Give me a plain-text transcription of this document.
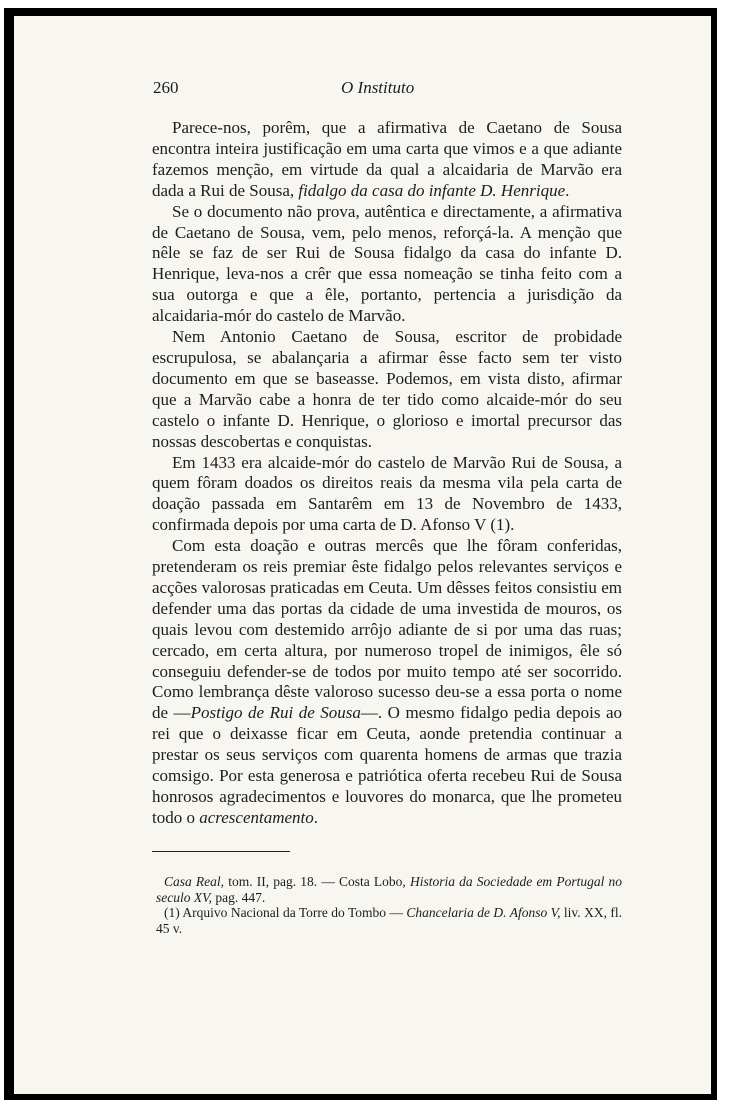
260	O Instituto

Parece-nos, porêm, que a afirmativa de Caetano de Sousa encontra inteira justificação em uma carta que vimos e a que adiante fazemos menção, em virtude da qual a alcaidaria de Marvão era dada a Rui de Sousa, fidalgo da casa do infante D. Henrique.

Se o documento não prova, autêntica e directamente, a afirmativa de Caetano de Sousa, vem, pelo menos, reforçá-la. A menção que nêle se faz de ser Rui de Sousa fidalgo da casa do infante D. Henrique, leva-nos a crêr que essa nomeação se tinha feito com a sua outorga e que a êle, portanto, pertencia a jurisdição da alcaidaria-mór do castelo de Marvão.

Nem Antonio Caetano de Sousa, escritor de probidade escrupulosa, se abalançaria a afirmar êsse facto sem ter visto documento em que se baseasse. Podemos, em vista disto, afirmar que a Marvão cabe a honra de ter tido como alcaide-mór do seu castelo o infante D. Henrique, o glorioso e imortal precursor das nossas descobertas e conquistas.

Em 1433 era alcaide-mór do castelo de Marvão Rui de Sousa, a quem fôram doados os direitos reais da mesma vila pela carta de doação passada em Santarêm em 13 de Novembro de 1433, confirmada depois por uma carta de D. Afonso V (1).

Com esta doação e outras mercês que lhe fôram conferidas, pretenderam os reis premiar êste fidalgo pelos relevantes serviços e acções valorosas praticadas em Ceuta. Um dêsses feitos consistiu em defender uma das portas da cidade de uma investida de mouros, os quais levou com destemido arrôjo adiante de si por uma das ruas; cercado, em certa altura, por numeroso tropel de inimigos, êle só conseguiu defender-se de todos por muito tempo até ser socorrido. Como lembrança dêste valoroso sucesso deu-se a essa porta o nome de —Postigo de Rui de Sousa—. O mesmo fidalgo pedia depois ao rei que o deixasse ficar em Ceuta, aonde pretendia continuar a prestar os seus serviços com quarenta homens de armas que trazia comsigo. Por esta generosa e patriótica oferta recebeu Rui de Sousa honrosos agradecimentos e louvores do monarca, que lhe prometeu todo o acrescentamento.

Casa Real, tom. II, pag. 18. — Costa Lobo, Historia da Sociedade em Portugal no seculo XV, pag. 447.

(1) Arquivo Nacional da Torre do Tombo — Chancelaria de D. Afonso V, liv. XX, fl. 45 v.
